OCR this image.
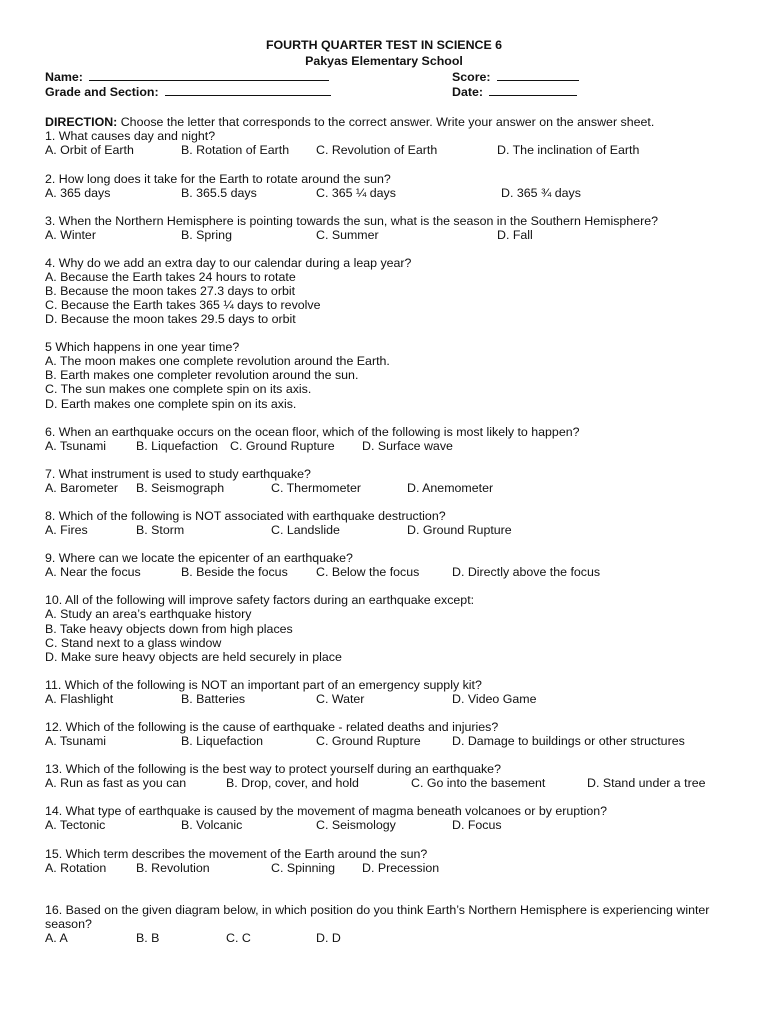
FOURTH QUARTER TEST IN SCIENCE 6
Pakyas Elementary School
Name:	Score:
Grade and Section:	Date:
DIRECTION: Choose the letter that corresponds to the correct answer. Write your answer on the answer sheet.
1. What causes day and night?
A. Orbit of Earth	B. Rotation of Earth C. Revolution of Earth	D. The inclination of Earth
2. How long does it take for the Earth to rotate around the sun?
A. 365 days	B. 365.5 days	C. 365 ¼ days	D. 365 ¾ days
3. When the Northern Hemisphere is pointing towards the sun, what is the season in the Southern Hemisphere?
A. Winter	B. Spring	C. Summer	D. Fall
4. Why do we add an extra day to our calendar during a leap year?
A. Because the Earth takes 24 hours to rotate
B. Because the moon takes 27.3 days to orbit
C. Because the Earth takes 365 ¼ days to revolve
D. Because the moon takes 29.5 days to orbit
5 Which happens in one year time?
A. The moon makes one complete revolution around the Earth.
B. Earth makes one completer revolution around the sun.
C. The sun makes one complete spin on its axis.
D. Earth makes one complete spin on its axis.
6. When an earthquake occurs on the ocean floor, which of the following is most likely to happen?
A. Tsunami B. Liquefaction C. Ground Rupture D. Surface wave
7. What instrument is used to study earthquake?
A. Barometer B. Seismograph	C. Thermometer	D. Anemometer
8. Which of the following is NOT associated with earthquake destruction?
A. Fires	B. Storm	C. Landslide	D. Ground Rupture
9. Where can we locate the epicenter of an earthquake?
A. Near the focus	B. Beside the focus C. Below the focus	D. Directly above the focus
10. All of the following will improve safety factors during an earthquake except:
A. Study an area’s earthquake history
B. Take heavy objects down from high places
C. Stand next to a glass window
D. Make sure heavy objects are held securely in place
11. Which of the following is NOT an important part of an emergency supply kit?
A. Flashlight	B. Batteries	C. Water	D. Video Game
12. Which of the following is the cause of earthquake - related deaths and injuries?
A. Tsunami	B. Liquefaction	C. Ground Rupture	D. Damage to buildings or other structures
13. Which of the following is the best way to protect yourself during an earthquake?
A. Run as fast as you can	B. Drop, cover, and hold	C. Go into the basement	D. Stand under a tree
14. What type of earthquake is caused by the movement of magma beneath volcanoes or by eruption?
A. Tectonic	B. Volcanic	C. Seismology	D. Focus
15. Which term describes the movement of the Earth around the sun?
A. Rotation B. Revolution	C. Spinning D. Precession
16. Based on the given diagram below, in which position do you think Earth’s Northern Hemisphere is experiencing winter
season?
A. A	B. B	C. C	D. D
